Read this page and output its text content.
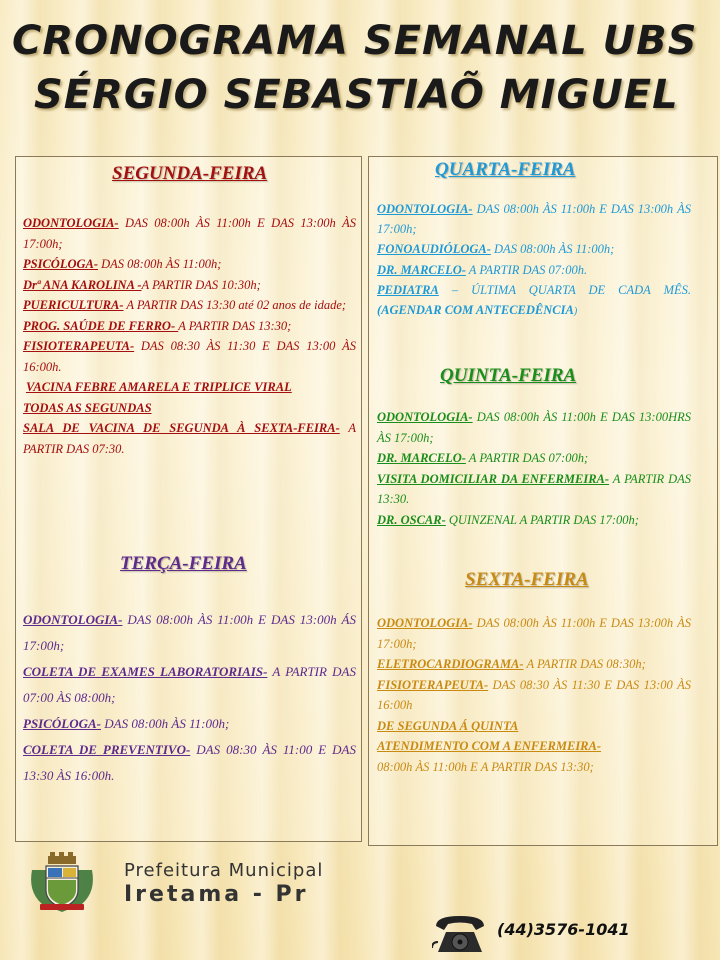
CRONOGRAMA SEMANAL UBS
SÉRGIO SEBASTIAÕ MIGUEL
SEGUNDA-FEIRA

ODONTOLOGIA- DAS 08:00h ÀS 11:00h E DAS 13:00h ÀS 17:00h;

PSICÓLOGA- DAS 08:00h ÀS 11:00h;

Drª ANA KAROLINA -A PARTIR DAS 10:30h;

PUERICULTURA- A PARTIR DAS 13:30 até 02 anos de idade;

PROG. SAÚDE DE FERRO- A PARTIR DAS 13:30;

FISIOTERAPEUTA- DAS 08:30 ÀS 11:30 E DAS 13:00 ÀS 16:00h.

VACINA FEBRE AMARELA E TRIPLICE VIRAL

TODAS AS SEGUNDAS

SALA DE VACINA DE SEGUNDA À SEXTA-FEIRA- A PARTIR DAS 07:30.

TERÇA-FEIRA

ODONTOLOGIA- DAS 08:00h ÀS 11:00h E DAS 13:00h ÁS 17:00h;

COLETA DE EXAMES LABORATORIAIS- A PARTIR DAS 07:00 ÀS 08:00h;

PSICÓLOGA- DAS 08:00h ÀS 11:00h;

COLETA DE PREVENTIVO- DAS 08:30 ÀS 11:00 E DAS 13:30 ÀS 16:00h.

QUARTA-FEIRA

ODONTOLOGIA- DAS 08:00h ÀS 11:00h E DAS 13:00h ÀS 17:00h;

FONOAUDIÓLOGA- DAS 08:00h ÀS 11:00h;

DR. MARCELO- A PARTIR DAS 07:00h.

PEDIATRA – ÚLTIMA QUARTA DE CADA MÊS.(AGENDAR COM ANTECEDÊNCIA)

QUINTA-FEIRA

ODONTOLOGIA- DAS 08:00h ÀS 11:00h E DAS 13:00HRS ÀS 17:00h;

DR. MARCELO- A PARTIR DAS 07:00h;

VISITA DOMICILIAR DA ENFERMEIRA- A PARTIR DAS 13:30.

DR. OSCAR- QUINZENAL A PARTIR DAS 17:00h;

SEXTA-FEIRA

ODONTOLOGIA- DAS 08:00h ÀS 11:00h E DAS 13:00h ÀS 17:00h;

ELETROCARDIOGRAMA- A PARTIR DAS 08:30h;

FISIOTERAPEUTA- DAS 08:30 ÀS 11:30 E DAS 13:00 ÀS 16:00h

DE SEGUNDA Á QUINTA

ATENDIMENTO COM A ENFERMEIRA-

08:00h ÀS 11:00h E A PARTIR DAS 13:30;

Prefeitura Municipal
Iretama - Pr
(44)3576-1041
